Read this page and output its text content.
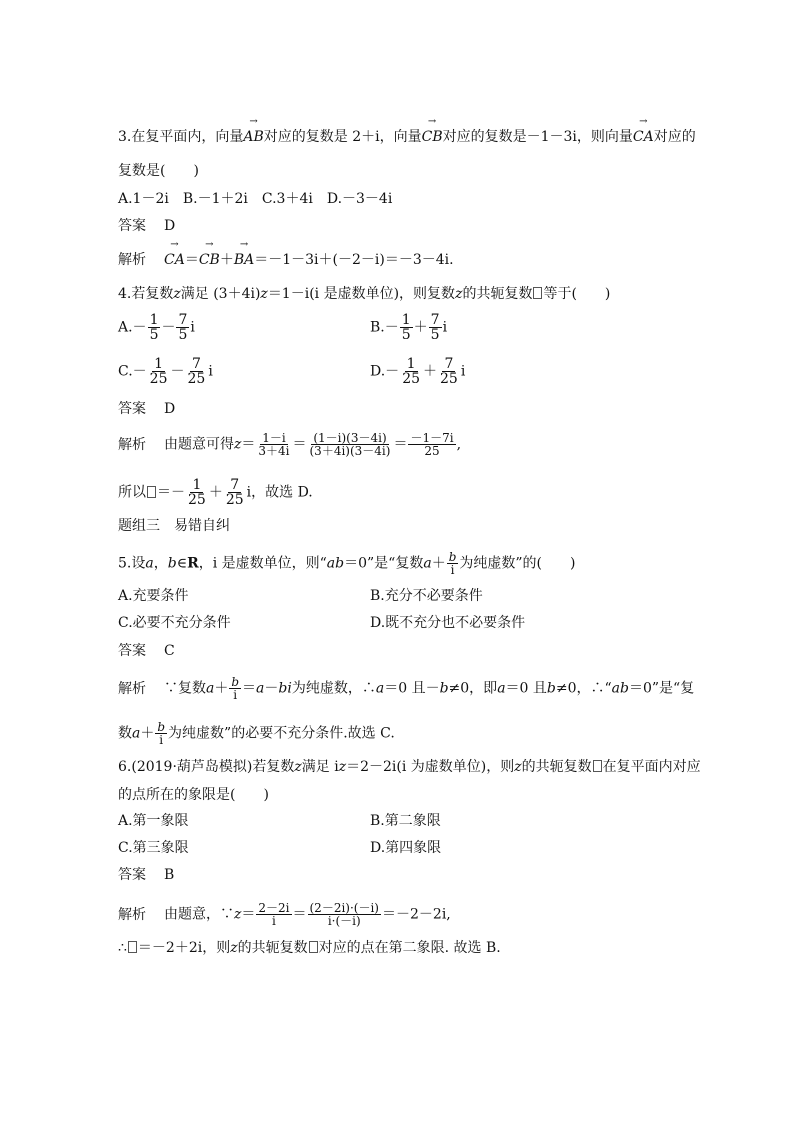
3.在复平面内，向量→ AB对应的复数是 2＋i，向量→ CB对应的复数是－1－3i，则向量→ CA对应的
复数是(　　)
A.1－2i　B.－1＋2i　C.3＋4i　D.－3－4i
答案 D
解析→ CA＝→ CB＋→ BA＝－1－3i＋(－2－i)＝－3－4i.
4.若复数z满足 (3＋4i)z＝1－i(i 是虚数单位)，则复数z的共轭复数 等于(　　)
$A.- \frac{1}{5} - \frac{7}{5}$ i	$B.- \frac{1}{5} + \frac{7}{5}$ i
$C.- \frac{1}{25} - \frac{7}{25}$ i	$D.- \frac{1}{25} + \frac{7}{25}$ i
答案 D
解析 由题意可得$z= \frac{1-i}{3+4i} = \frac{(1-i)(3-4i)}{(3+4i)(3-4i)} = \frac{-1-7i}{25}$ ,
所以 ＝－ $\frac{1}{25} + \frac{7}{25}$ i，故选 D.
题组三　易错自纠
5.设a，b∈R，i 是虚数单位，则“ab＝0”是“复数$a+ \frac{b}{i}$ 为纯虚数”的(　　)
A.充要条件	B.充分不必要条件
C.必要不充分条件	D.既不充分也不必要条件
答案 C
解析 ∵复数$a+ \frac{b}{i} =a-bi$为纯虚数，∴a＝0 且－b≠0，即a＝0 且b≠0，∴“ab＝0”是“复
数$a+ \frac{b}{i}$ 为纯虚数”的必要不充分条件.故选 C.
6.(2019·葫芦岛模拟)若复数z满足 iz＝2－2i(i 为虚数单位)，则z的共轭复数 在复平面内对应
的点所在的象限是(　　)
A.第一象限	B.第二象限
C.第三象限	D.第四象限
答案 B
解析 由题意，∵z＝ $\frac{2-2i}{i} = \frac{(2-2i)\cdot(-i)}{i\cdot(-i)} =-2-2i$,
∴ ＝－2＋2i，则z的共轭复数 对应的点在第二象限. 故选 B.
